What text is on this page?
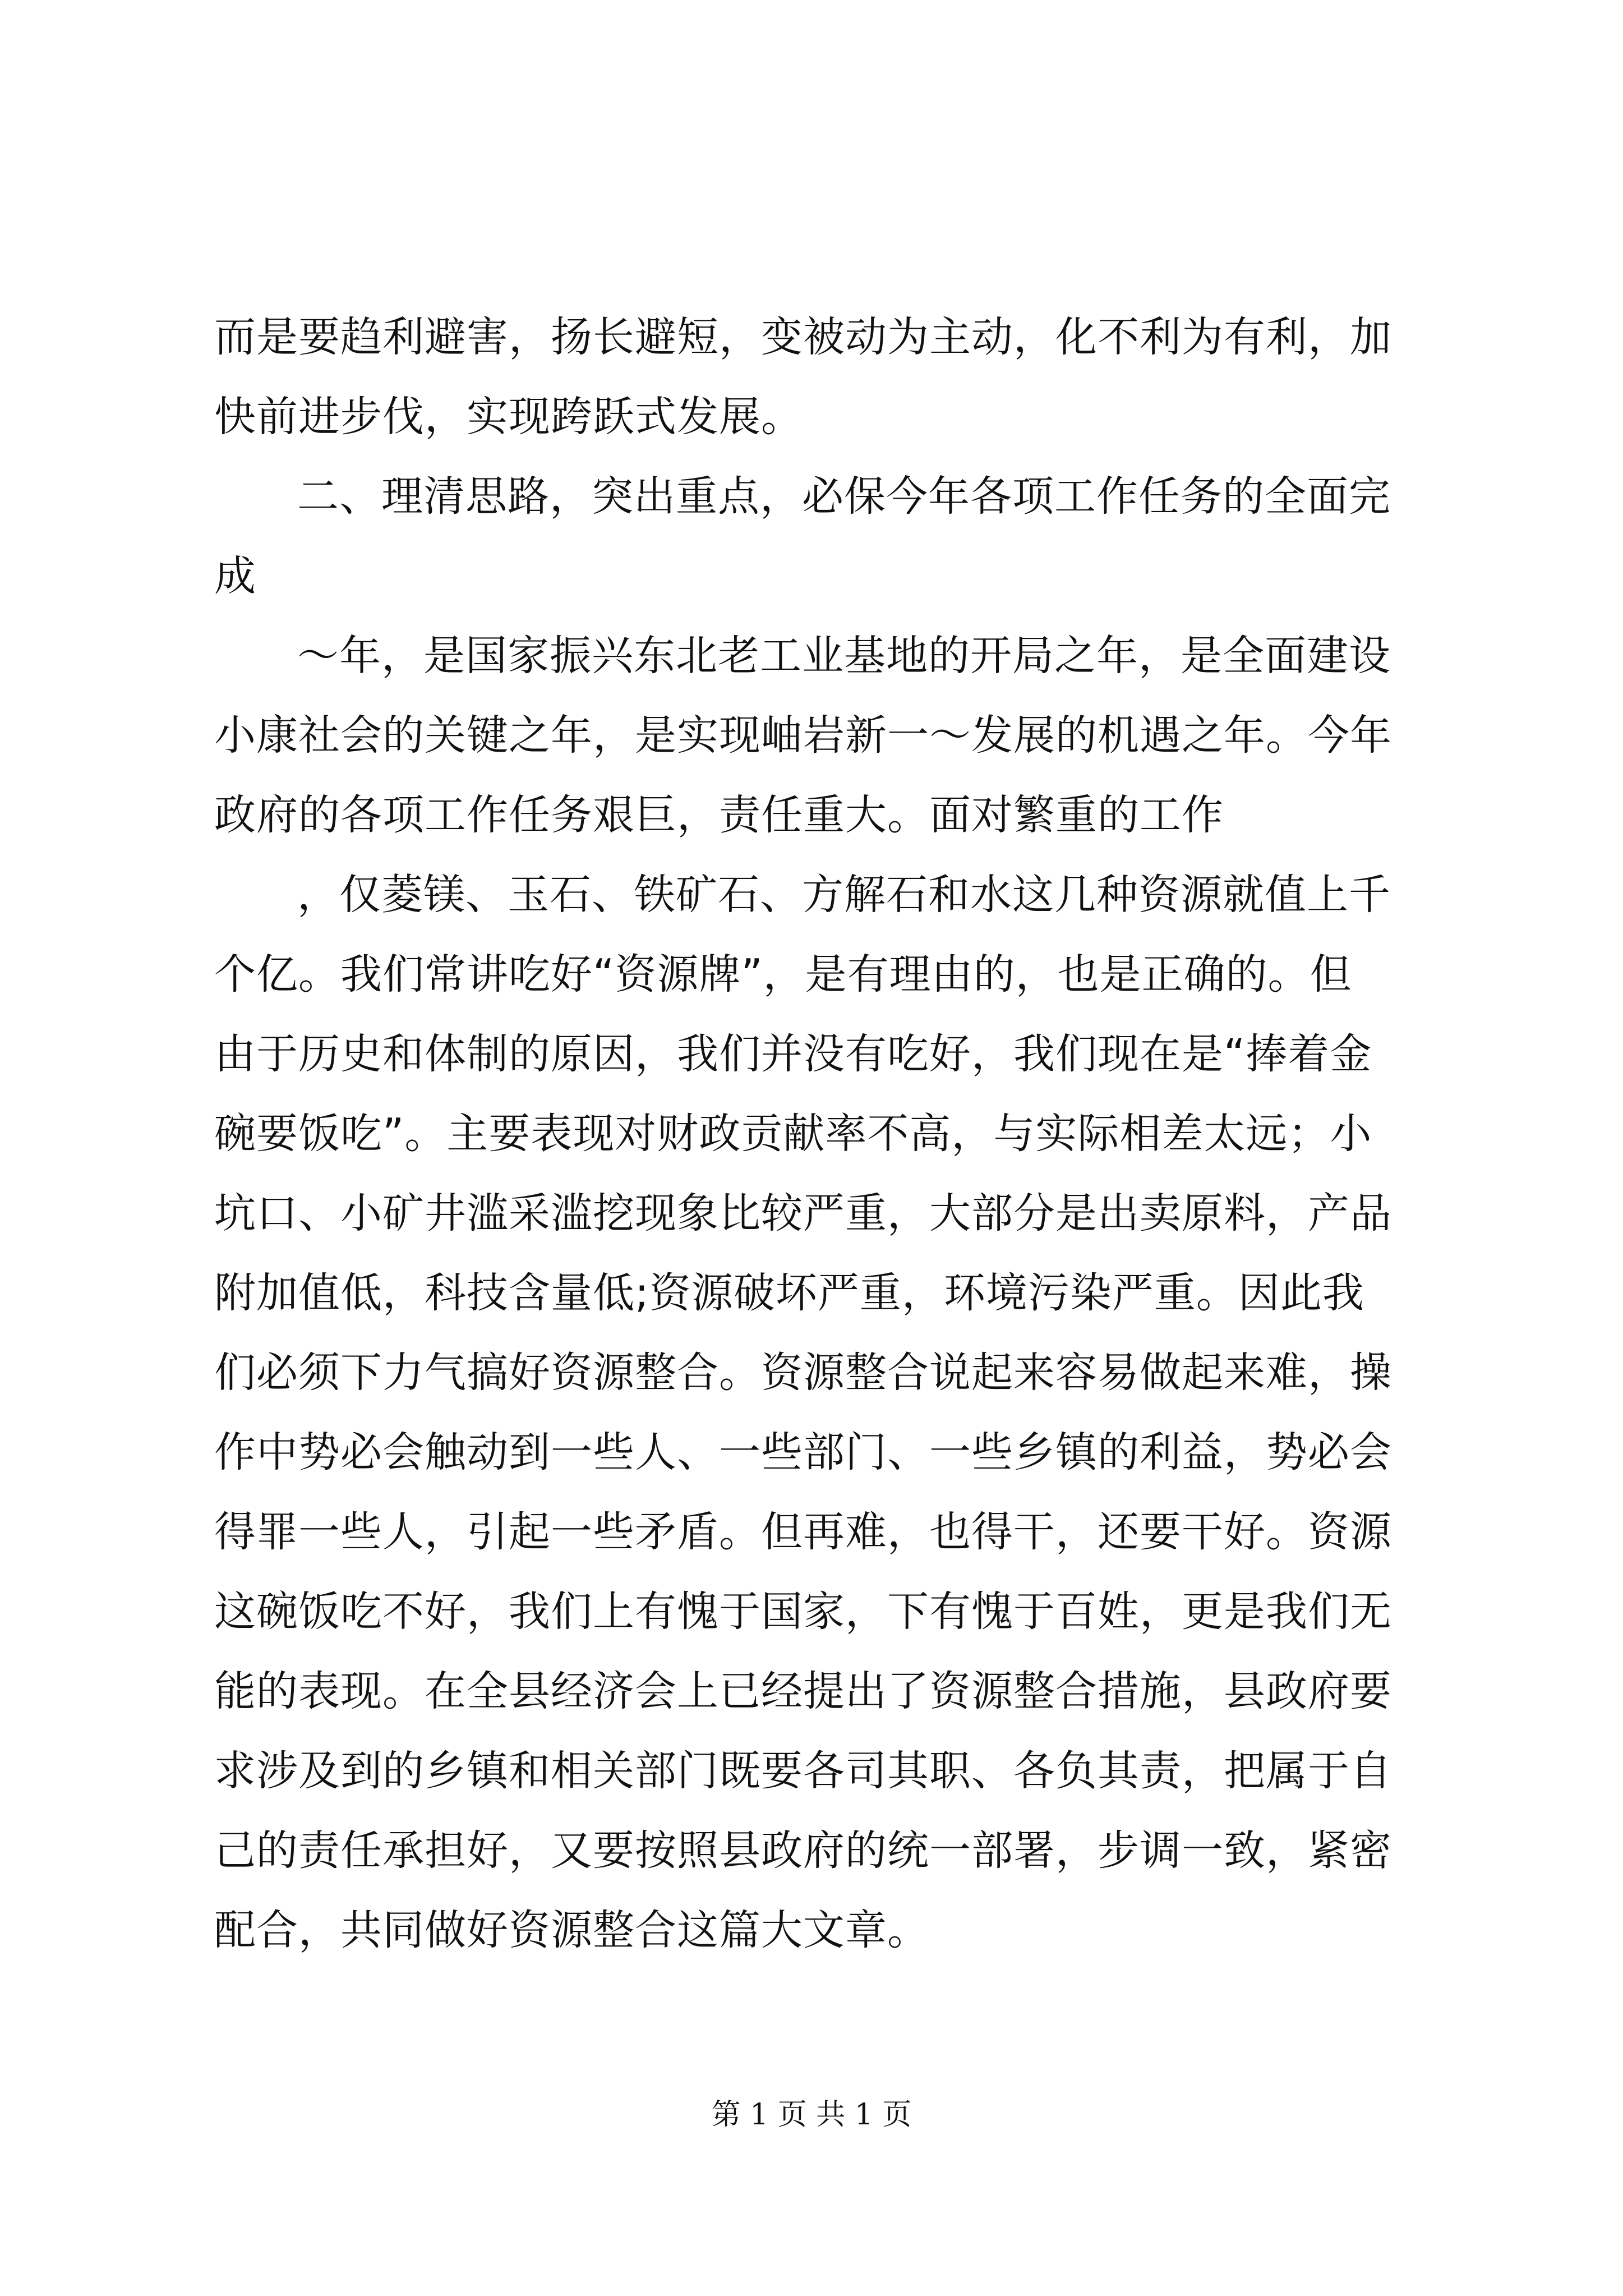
而是要趋利避害，扬长避短，变被动为主动，化不利为有利，加
快前进步伐，实现跨跃式发展。
二、理清思路，突出重点，必保今年各项工作任务的全面完
成
～年，是国家振兴东北老工业基地的开局之年，是全面建设
小康社会的关键之年，是实现岫岩新一～发展的机遇之年。今年
政府的各项工作任务艰巨，责任重大。面对繁重的工作
，仅菱镁、玉石、铁矿石、方解石和水这几种资源就值上千
个亿。我们常讲吃好“资源牌”，是有理由的，也是正确的。但
由于历史和体制的原因，我们并没有吃好，我们现在是“捧着金
碗要饭吃”。主要表现对财政贡献率不高，与实际相差太远；小
坑口、小矿井滥采滥挖现象比较严重，大部分是出卖原料，产品
附加值低，科技含量低;资源破坏严重，环境污染严重。因此我
们必须下力气搞好资源整合。资源整合说起来容易做起来难，操
作中势必会触动到一些人、一些部门、一些乡镇的利益，势必会
得罪一些人，引起一些矛盾。但再难，也得干，还要干好。资源
这碗饭吃不好，我们上有愧于国家，下有愧于百姓，更是我们无
能的表现。在全县经济会上已经提出了资源整合措施，县政府要
求涉及到的乡镇和相关部门既要各司其职、各负其责，把属于自
己的责任承担好，又要按照县政府的统一部署，步调一致，紧密
配合，共同做好资源整合这篇大文章。
第 1 页 共 1 页
